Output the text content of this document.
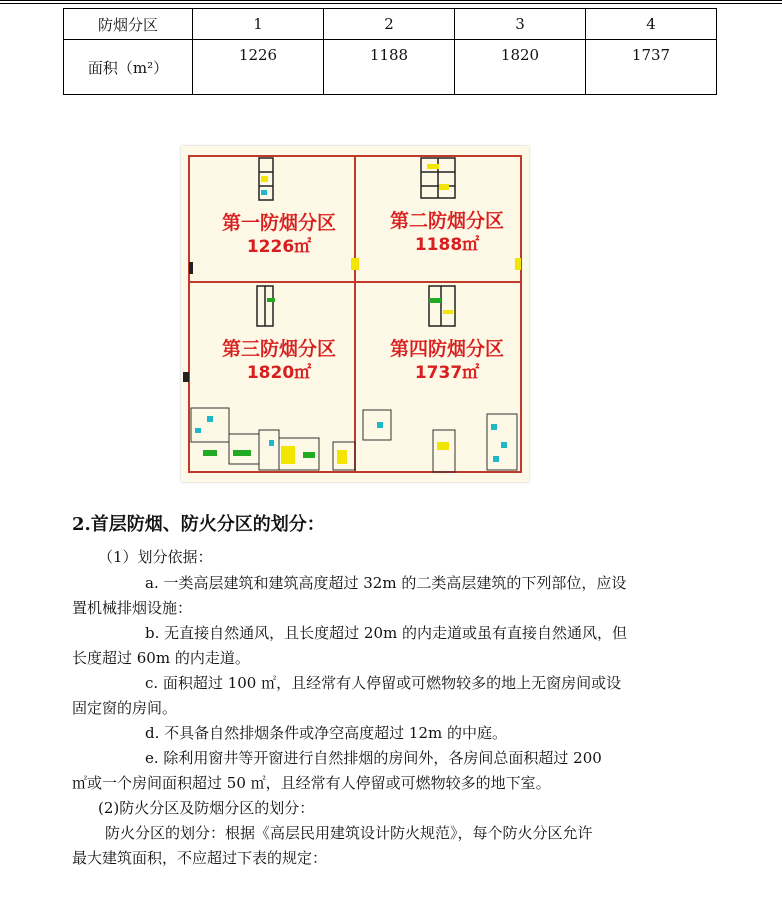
防烟分区	1	2	3	4
面积（m²）	1226	1188	1820	1737
第一防烟分区
1226㎡
第二防烟分区
1188㎡
第三防烟分区
1820㎡
第四防烟分区
1737㎡
2.首层防烟、防火分区的划分：
（1）划分依据：
a. 一类高层建筑和建筑高度超过 32m 的二类高层建筑的下列部位，应设
置机械排烟设施：
b. 无直接自然通风，且长度超过 20m 的内走道或虽有直接自然通风，但
长度超过 60m 的内走道。
c. 面积超过 100 ㎡，且经常有人停留或可燃物较多的地上无窗房间或设
固定窗的房间。
d. 不具备自然排烟条件或净空高度超过 12m 的中庭。
e. 除利用窗井等开窗进行自然排烟的房间外，各房间总面积超过 200
㎡或一个房间面积超过 50 ㎡，且经常有人停留或可燃物较多的地下室。
(2)防火分区及防烟分区的划分：
防火分区的划分：根据《高层民用建筑设计防火规范》，每个防火分区允许
最大建筑面积，不应超过下表的规定：
